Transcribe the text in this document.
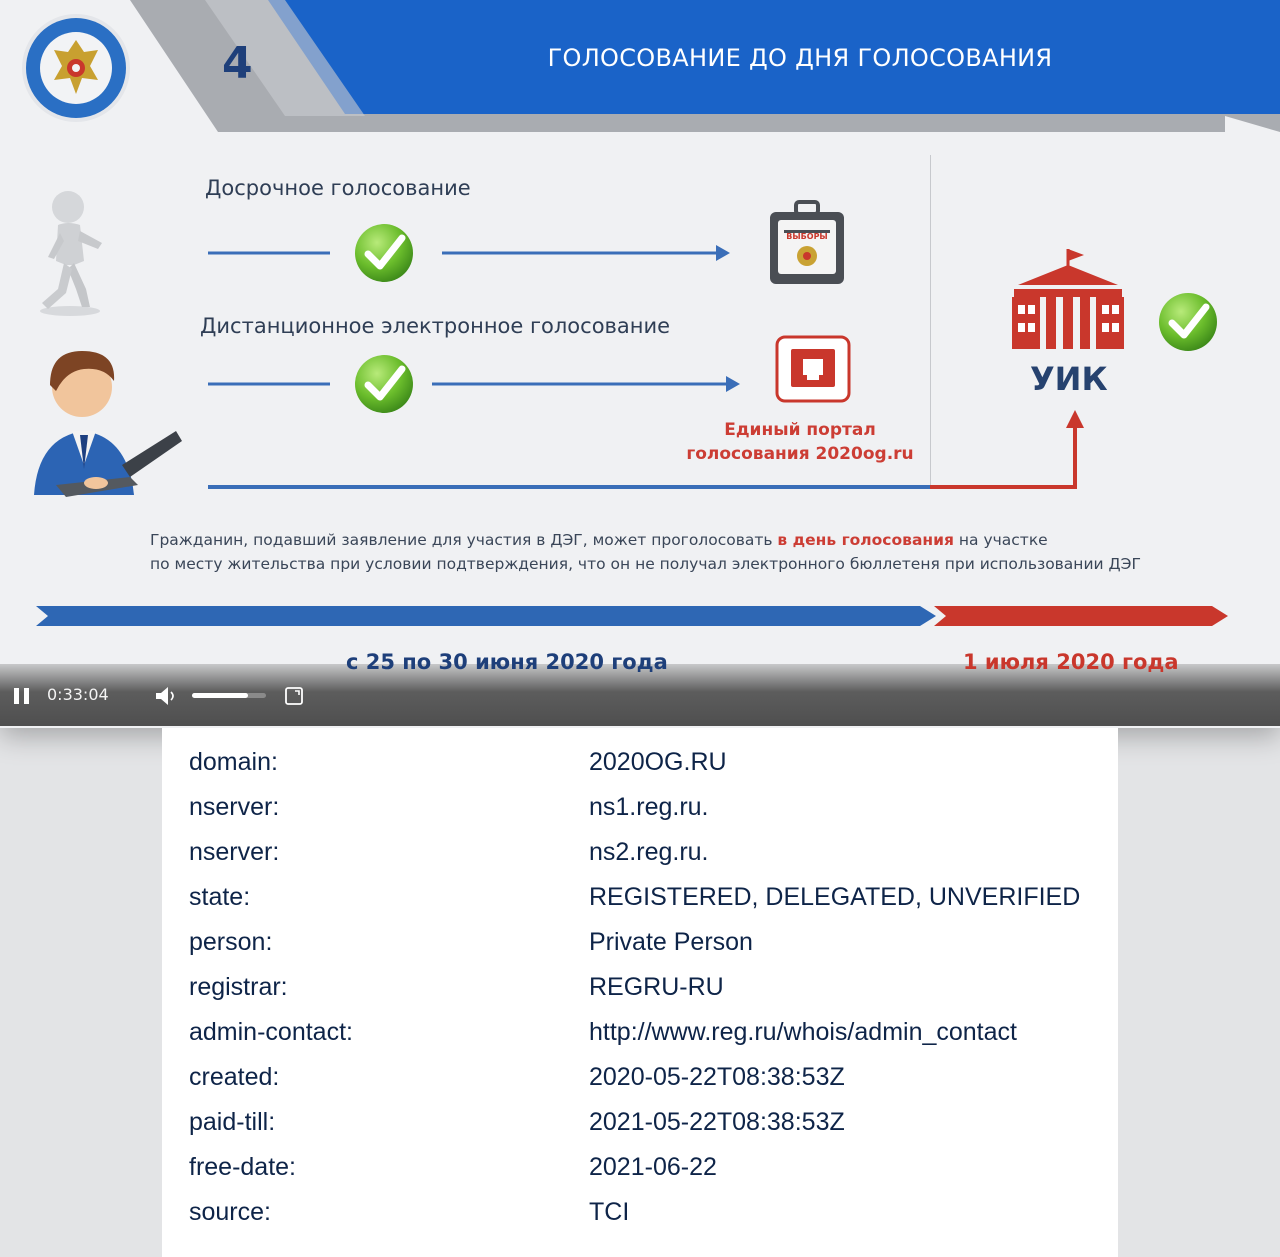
4	ГОЛОСОВАНИЕ ДО ДНЯ ГОЛОСОВАНИЯ
Досрочное голосование
Дистанционное электронное голосование
ВЫБОРЫ
Единый портал
голосования 2020og.ru
УИК
Гражданин, подавший заявление для участия в ДЭГ, может проголосовать в день голосования на участке
по месту жительства при условии подтверждения, что он не получал электронного бюллетеня при использовании ДЭГ
с 25 по 30 июня 2020 года	1 июля 2020 года
0:33:04
domain:	2020OG.RU
nserver:	ns1.reg.ru.
nserver:	ns2.reg.ru.
state:	REGISTERED, DELEGATED, UNVERIFIED
person:	Private Person
registrar:	REGRU-RU
admin-contact:	http://www.reg.ru/whois/admin_contact
created:	2020-05-22T08:38:53Z
paid-till:	2021-05-22T08:38:53Z
free-date:	2021-06-22
source:	TCI
